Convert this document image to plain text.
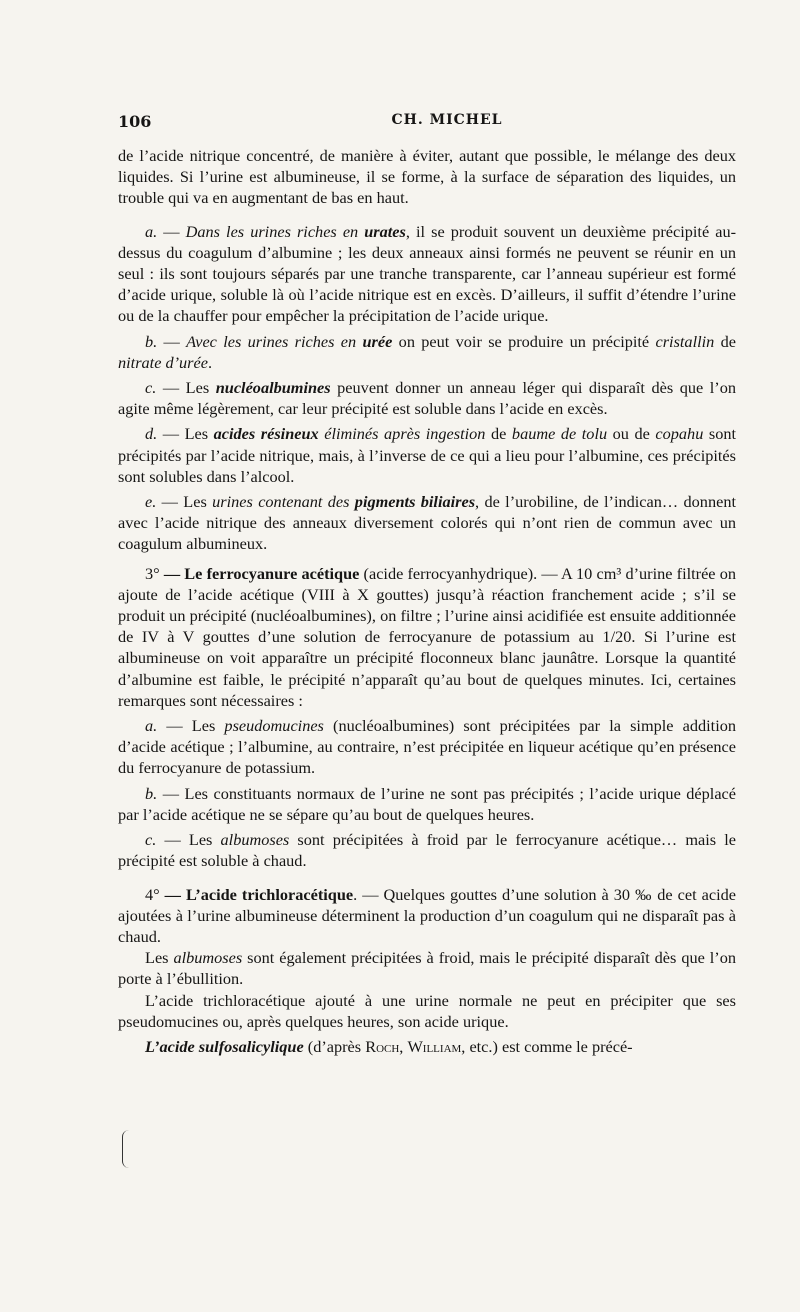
106	CH. MICHEL

de l’acide nitrique concentré, de manière à éviter, autant que possible, le mélange des deux liquides. Si l’urine est albumineuse, il se forme, à la surface de séparation des liquides, un trouble qui va en augmentant de bas en haut.

a. — Dans les urines riches en urates, il se produit souvent un deuxième précipité au-dessus du coagulum d’albumine ; les deux anneaux ainsi formés ne peuvent se réunir en un seul : ils sont toujours séparés par une tranche transparente, car l’anneau supérieur est formé d’acide urique, soluble là où l’acide nitrique est en excès. D’ailleurs, il suffit d’étendre l’urine ou de la chauffer pour empêcher la précipitation de l’acide urique.

b. — Avec les urines riches en urée on peut voir se produire un précipité cristallin de nitrate d’urée.

c. — Les nucléoalbumines peuvent donner un anneau léger qui disparaît dès que l’on agite même légèrement, car leur précipité est soluble dans l’acide en excès.

d. — Les acides résineux éliminés après ingestion de baume de tolu ou de copahu sont précipités par l’acide nitrique, mais, à l’inverse de ce qui a lieu pour l’albumine, ces précipités sont solubles dans l’alcool.

e. — Les urines contenant des pigments biliaires, de l’urobiline, de l’indican… donnent avec l’acide nitrique des anneaux diversement colorés qui n’ont rien de commun avec un coagulum albumineux.

3° — Le ferrocyanure acétique (acide ferrocyanhydrique). — A 10 cm³ d’urine filtrée on ajoute de l’acide acétique (VIII à X gouttes) jusqu’à réaction franchement acide ; s’il se produit un précipité (nucléoalbumines), on filtre ; l’urine ainsi acidifiée est ensuite additionnée de IV à V gouttes d’une solution de ferrocyanure de potassium au 1/20. Si l’urine est albumineuse on voit apparaître un précipité floconneux blanc jaunâtre. Lorsque la quantité d’albumine est faible, le précipité n’apparaît qu’au bout de quelques minutes. Ici, certaines remarques sont nécessaires :

a. — Les pseudomucines (nucléoalbumines) sont précipitées par la simple addition d’acide acétique ; l’albumine, au contraire, n’est précipitée en liqueur acétique qu’en présence du ferrocyanure de potassium.

b. — Les constituants normaux de l’urine ne sont pas précipités ; l’acide urique déplacé par l’acide acétique ne se sépare qu’au bout de quelques heures.

c. — Les albumoses sont précipitées à froid par le ferrocyanure acétique… mais le précipité est soluble à chaud.

4° — L’acide trichloracétique. — Quelques gouttes d’une solution à 30 ‰ de cet acide ajoutées à l’urine albumineuse déterminent la production d’un coagulum qui ne disparaît pas à chaud.

Les albumoses sont également précipitées à froid, mais le précipité disparaît dès que l’on porte à l’ébullition.

L’acide trichloracétique ajouté à une urine normale ne peut en précipiter que ses pseudomucines ou, après quelques heures, son acide urique.

L’acide sulfosalicylique (d’après Roch, William, etc.) est comme le précé-
